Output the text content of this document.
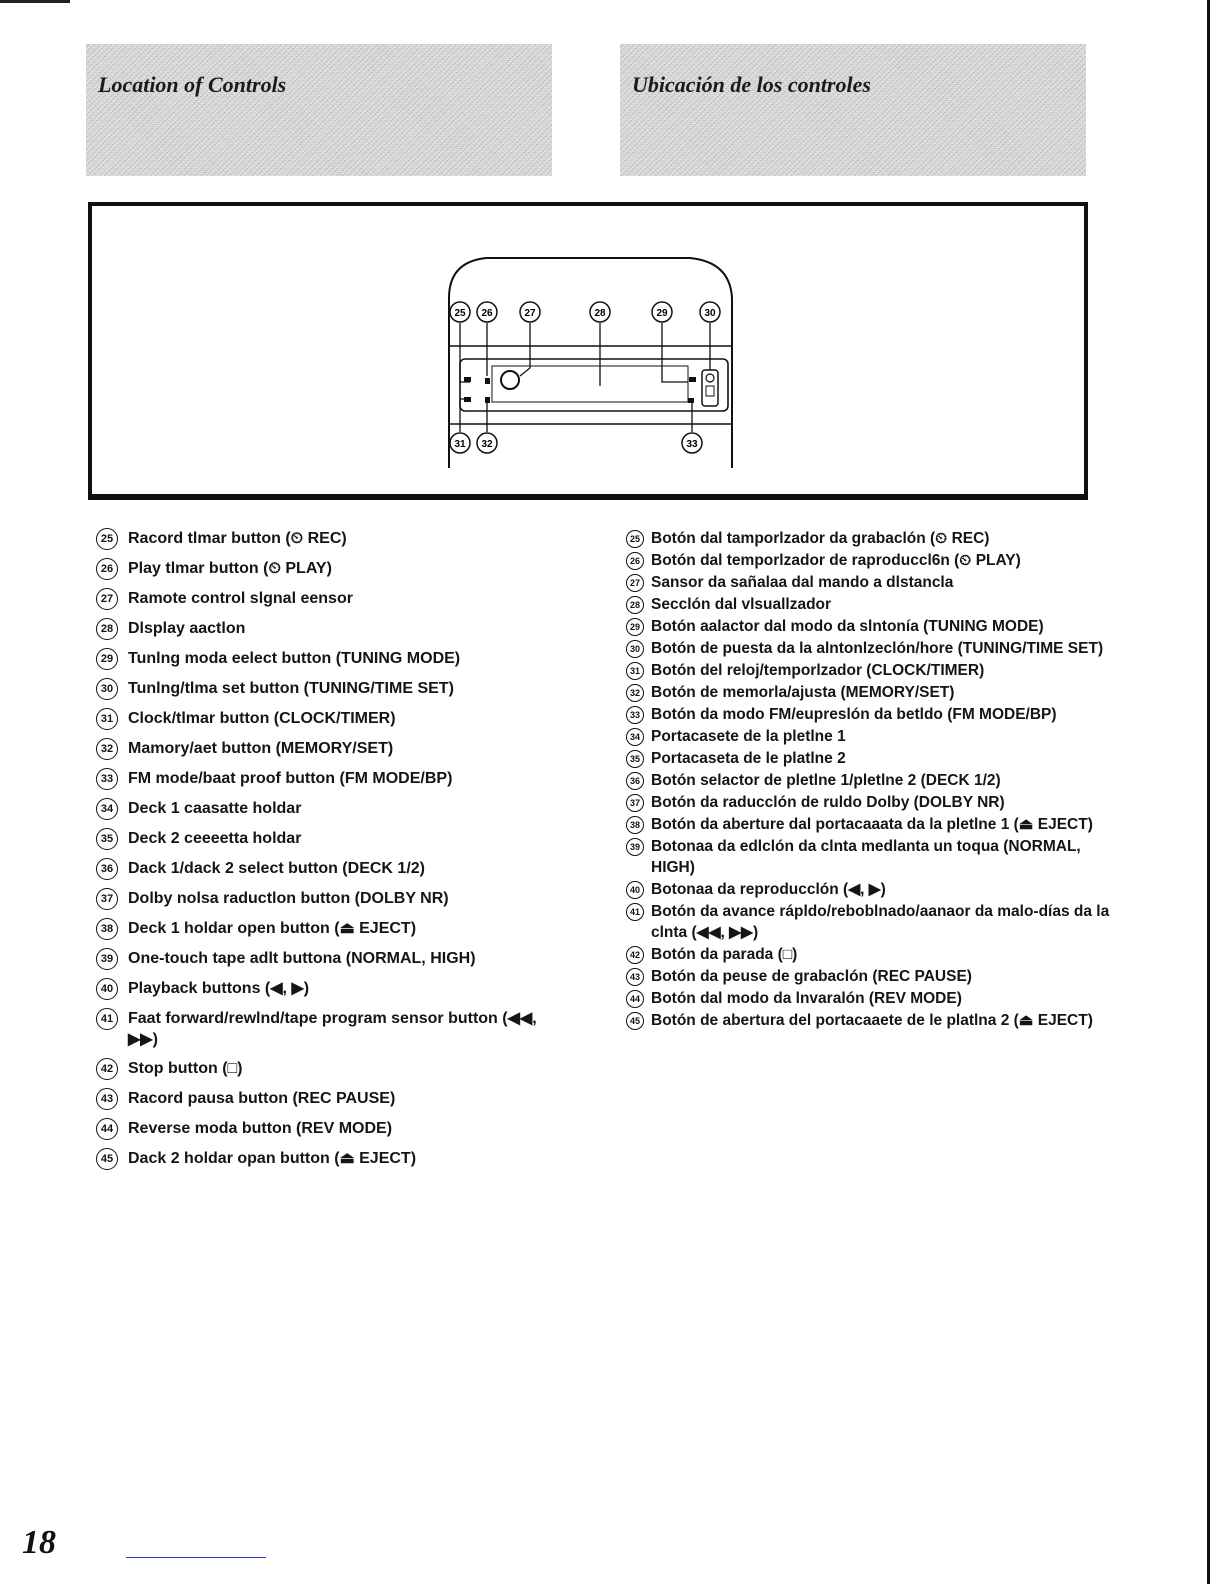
Location of Controls	Ubicación de los controles
25 26	27	28	29	30
31 32	33
25 Racord tlmar button (⏲ REC)
26 Play tlmar button (⏲ PLAY)
27 Ramote control slgnal eensor
28 Dlsplay aactlon
29 Tunlng moda eelect button (TUNING MODE)
30 Tunlng/tlma set button (TUNING/TIME SET)
31 Clock/tlmar button (CLOCK/TIMER)
32 Mamory/aet button (MEMORY/SET)
33 FM mode/baat proof button (FM MODE/BP)
34 Deck 1 caasatte holdar
35 Deck 2 ceeeetta holdar
36 Dack 1/dack 2 select button (DECK 1/2)
37 Dolby nolsa raductlon button (DOLBY NR)
38 Deck 1 holdar open button (⏏ EJECT)
39 One-touch tape adlt buttona (NORMAL, HIGH)
40 Playback buttons (◀, ▶)
41 Faat forward/rewlnd/tape program sensor button (◀◀, ▶▶)
42 Stop button (□)
43 Racord pausa button (REC PAUSE)
44 Reverse moda button (REV MODE)
45 Dack 2 holdar opan button (⏏ EJECT)
25 Botón dal tamporlzador da grabaclón (⏲ REC)
26 Botón dal temporlzador de raproduccl6n (⏲ PLAY)
27 Sansor da sañalaa dal mando a dlstancla
28 Secclón dal vlsuallzador
29 Botón aalactor dal modo da slntonía (TUNING MODE)
30 Botón de puesta da la alntonlzeclón/hore (TUNING/TIME SET)
31 Botón del reloj/temporlzador (CLOCK/TIMER)
32 Botón de memorla/ajusta (MEMORY/SET)
33 Botón da modo FM/eupreslón da betldo (FM MODE/BP)
34 Portacasete de la pletlne 1
35 Portacaseta de le platlne 2
36 Botón selactor de pletlne 1/pletlne 2 (DECK 1/2)
37 Botón da raducclón de ruldo Dolby (DOLBY NR)
38 Botón da aberture dal portacaaata da la pletlne 1 (⏏ EJECT)
39 Botonaa da edlclón da clnta medlanta un toqua (NORMAL, HIGH)
40 Botonaa da reproducclón (◀, ▶)
41 Botón da avance rápldo/reboblnado/aanaor da malo-días da la clnta (◀◀, ▶▶)
42 Botón da parada (□)
43 Botón da peuse de grabaclón (REC PAUSE)
44 Botón dal modo da lnvaralón (REV MODE)
45 Botón de abertura del portacaaete de le platlna 2 (⏏ EJECT)
18
